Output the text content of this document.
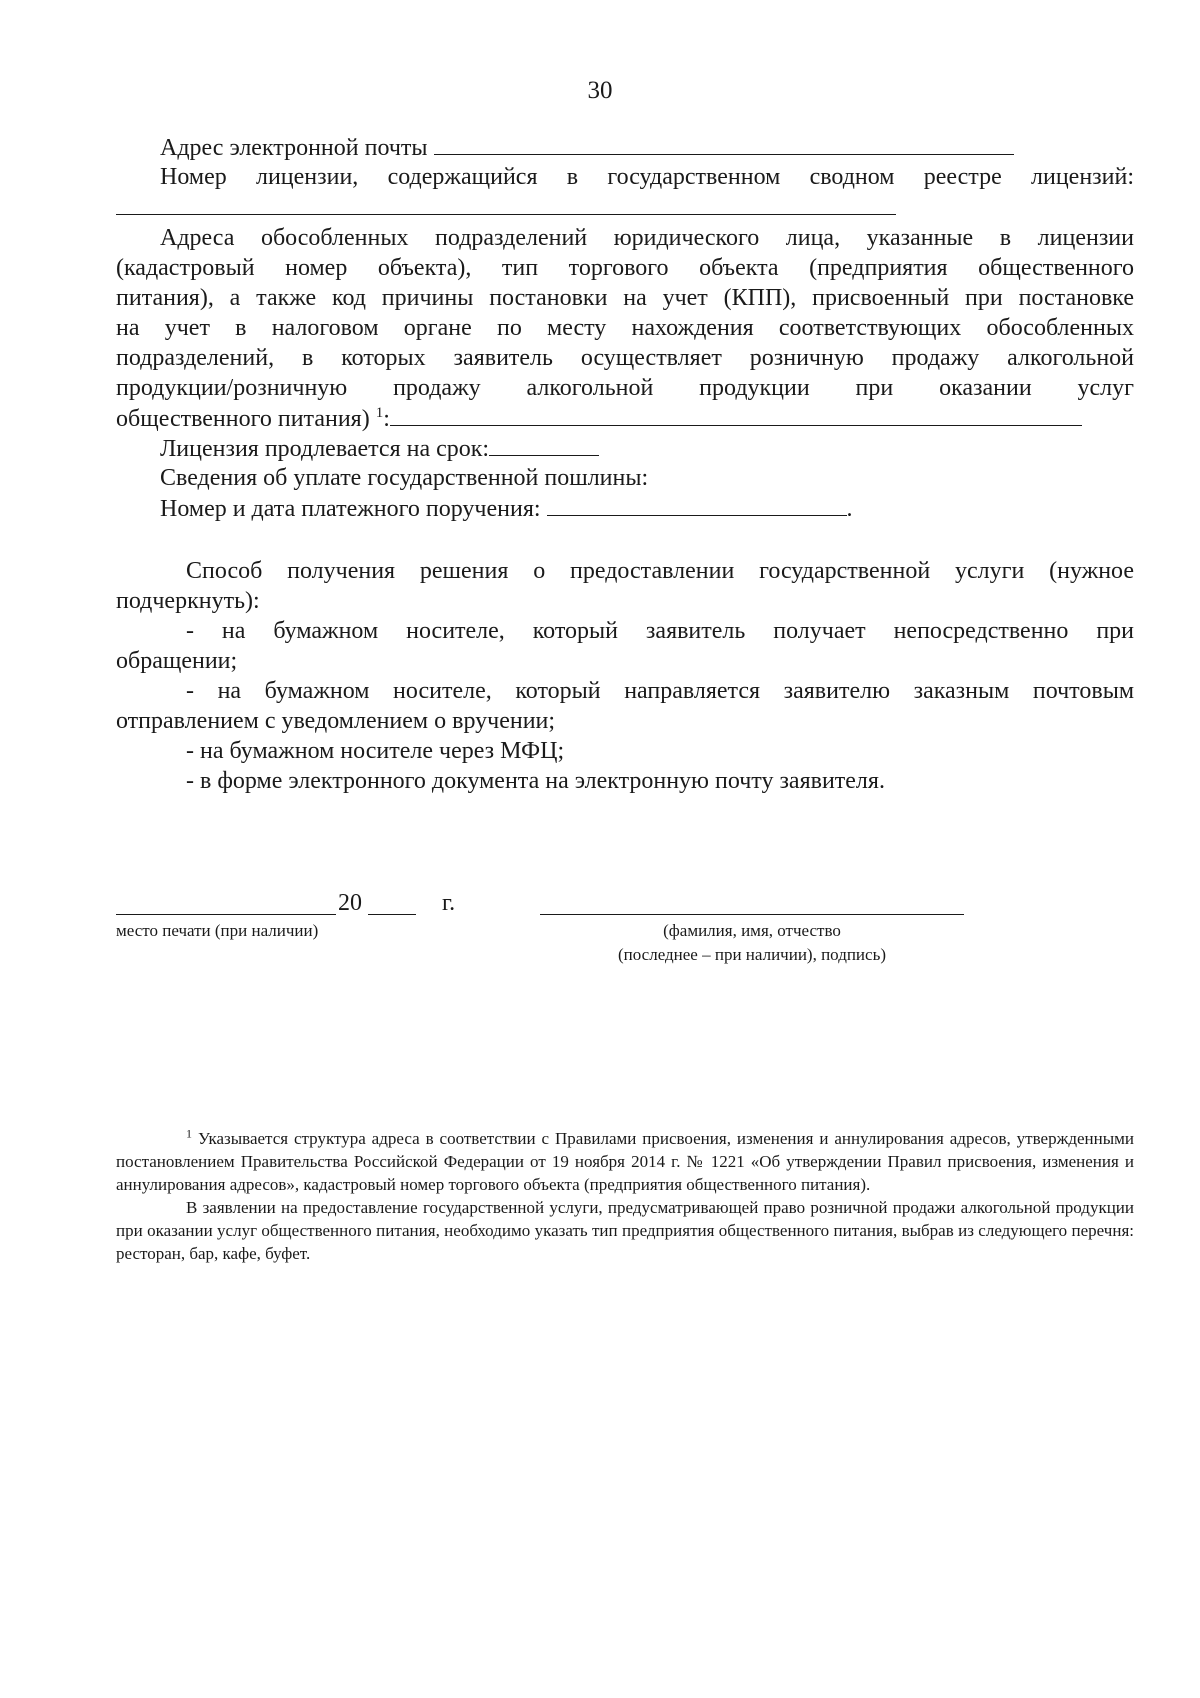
30
Адрес электронной почты
Номер лицензии, содержащийся в государственном сводном реестре лицензий:
Адреса обособленных подразделений юридического лица, указанные в лицензии
(кадастровый номер объекта), тип торгового объекта (предприятия общественного
питания), а также код причины постановки на учет (КПП), присвоенный при постановке
на учет в налоговом органе по месту нахождения соответствующих обособленных
подразделений, в которых заявитель осуществляет розничную продажу алкогольной
продукции/розничную продажу алкогольной продукции при оказании услуг
общественного питания) $^1$:
Лицензия продлевается на срок:
Сведения об уплате государственной пошлины:
Номер и дата платежного поручения:	.
Способ получения решения о предоставлении государственной услуги (нужное
подчеркнуть):
- на бумажном носителе, который заявитель получает непосредственно при
обращении;
- на бумажном носителе, который направляется заявителю заказным почтовым
отправлением с уведомлением о вручении;
- на бумажном носителе через МФЦ;
- в форме электронного документа на электронную почту заявителя.
20	г.
место печати (при наличии)	(фамилия, имя, отчество
(последнее – при наличии), подпись)
$^1$ Указывается структура адреса в соответствии с Правилами присвоения, изменения и аннулирования адресов, утвержденными постановлением Правительства Российской Федерации от 19 ноября 2014 г. № 1221 «Об утверждении Правил присвоения, изменения и аннулирования адресов», кадастровый номер торгового объекта (предприятия общественного питания).
В заявлении на предоставление государственной услуги, предусматривающей право розничной продажи алкогольной продукции при оказании услуг общественного питания, необходимо указать тип предприятия общественного питания, выбрав из следующего перечня: ресторан, бар, кафе, буфет.
